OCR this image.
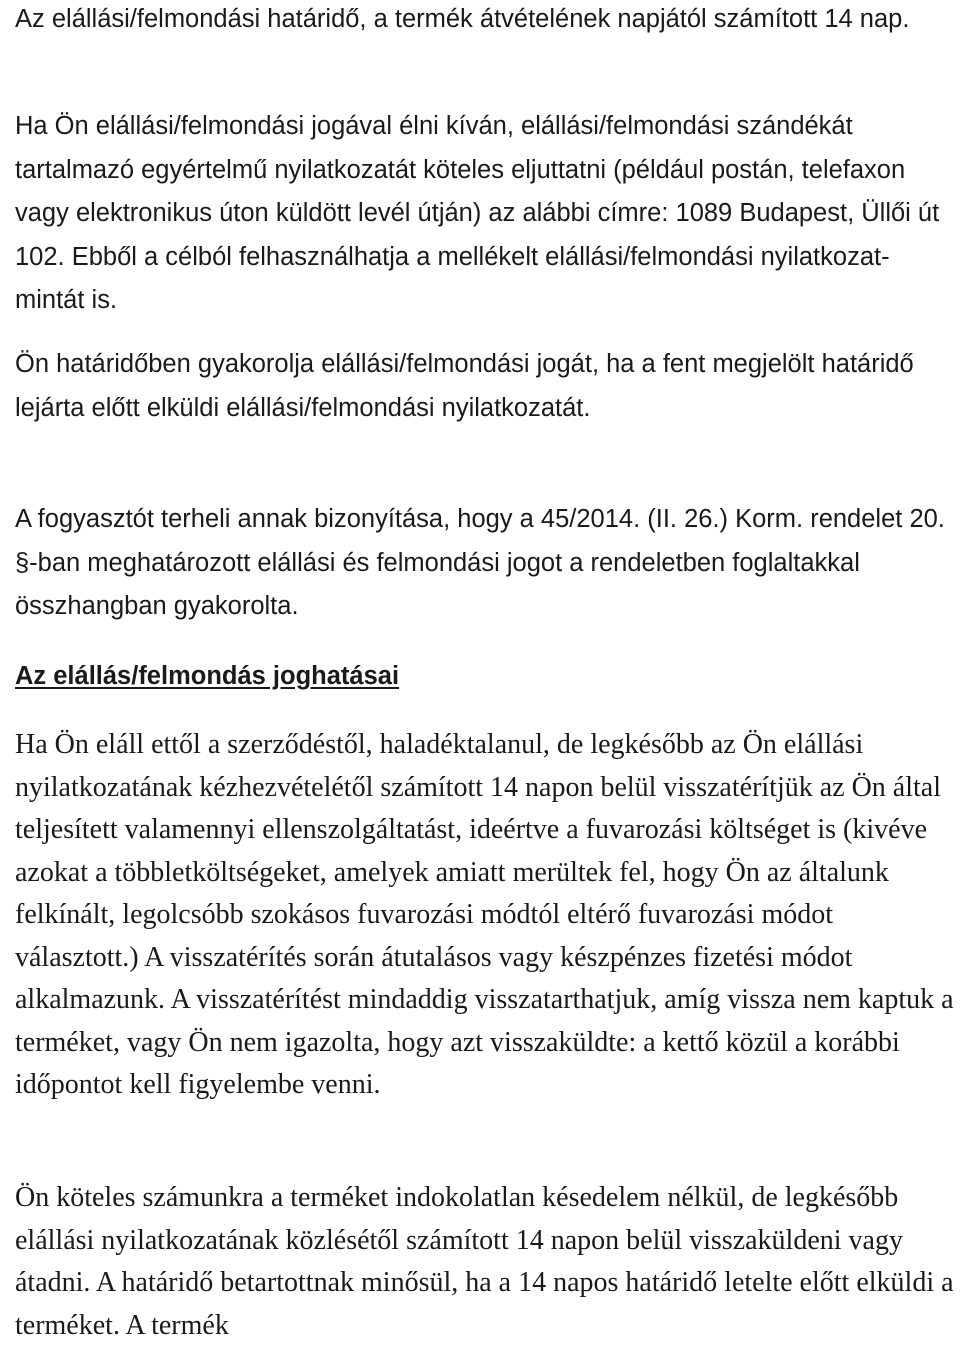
Az elállási/felmondási határidő, a termék átvételének napjától számított 14 nap.

Ha Ön elállási/felmondási jogával élni kíván, elállási/felmondási szándékát tartalmazó egyértelmű nyilatkozatát köteles eljuttatni (például postán, telefaxon vagy elektronikus úton küldött levél útján) az alábbi címre: 1089 Budapest, Üllői út 102. Ebből a célból felhasználhatja a mellékelt elállási/felmondási nyilatkozat-mintát is.

Ön határidőben gyakorolja elállási/felmondási jogát, ha a fent megjelölt határidő lejárta előtt elküldi elállási/felmondási nyilatkozatát.

A fogyasztót terheli annak bizonyítása, hogy a 45/2014. (II. 26.) Korm. rendelet 20. §-ban meghatározott elállási és felmondási jogot a rendeletben foglaltakkal összhangban gyakorolta.

Az elállás/felmondás joghatásai

Ha Ön eláll ettől a szerződéstől, haladéktalanul, de legkésőbb az Ön elállási nyilatkozatának kézhezvételétől számított 14 napon belül visszatérítjük az Ön által teljesített valamennyi ellenszolgáltatást, ideértve a fuvarozási költséget is (kivéve azokat a többletköltségeket, amelyek amiatt merültek fel, hogy Ön az általunk felkínált, legolcsóbb szokásos fuvarozási módtól eltérő fuvarozási módot választott.) A visszatérítés során átutalásos vagy készpénzes fizetési módot alkalmazunk. A visszatérítést mindaddig visszatarthatjuk, amíg vissza nem kaptuk a terméket, vagy Ön nem igazolta, hogy azt visszaküldte: a kettő közül a korábbi időpontot kell figyelembe venni.

Ön köteles számunkra a terméket indokolatlan késedelem nélkül, de legkésőbb elállási nyilatkozatának közlésétől számított 14 napon belül visszaküldeni vagy átadni. A határidő betartottnak minősül, ha a 14 napos határidő letelte előtt elküldi a terméket. A termék
